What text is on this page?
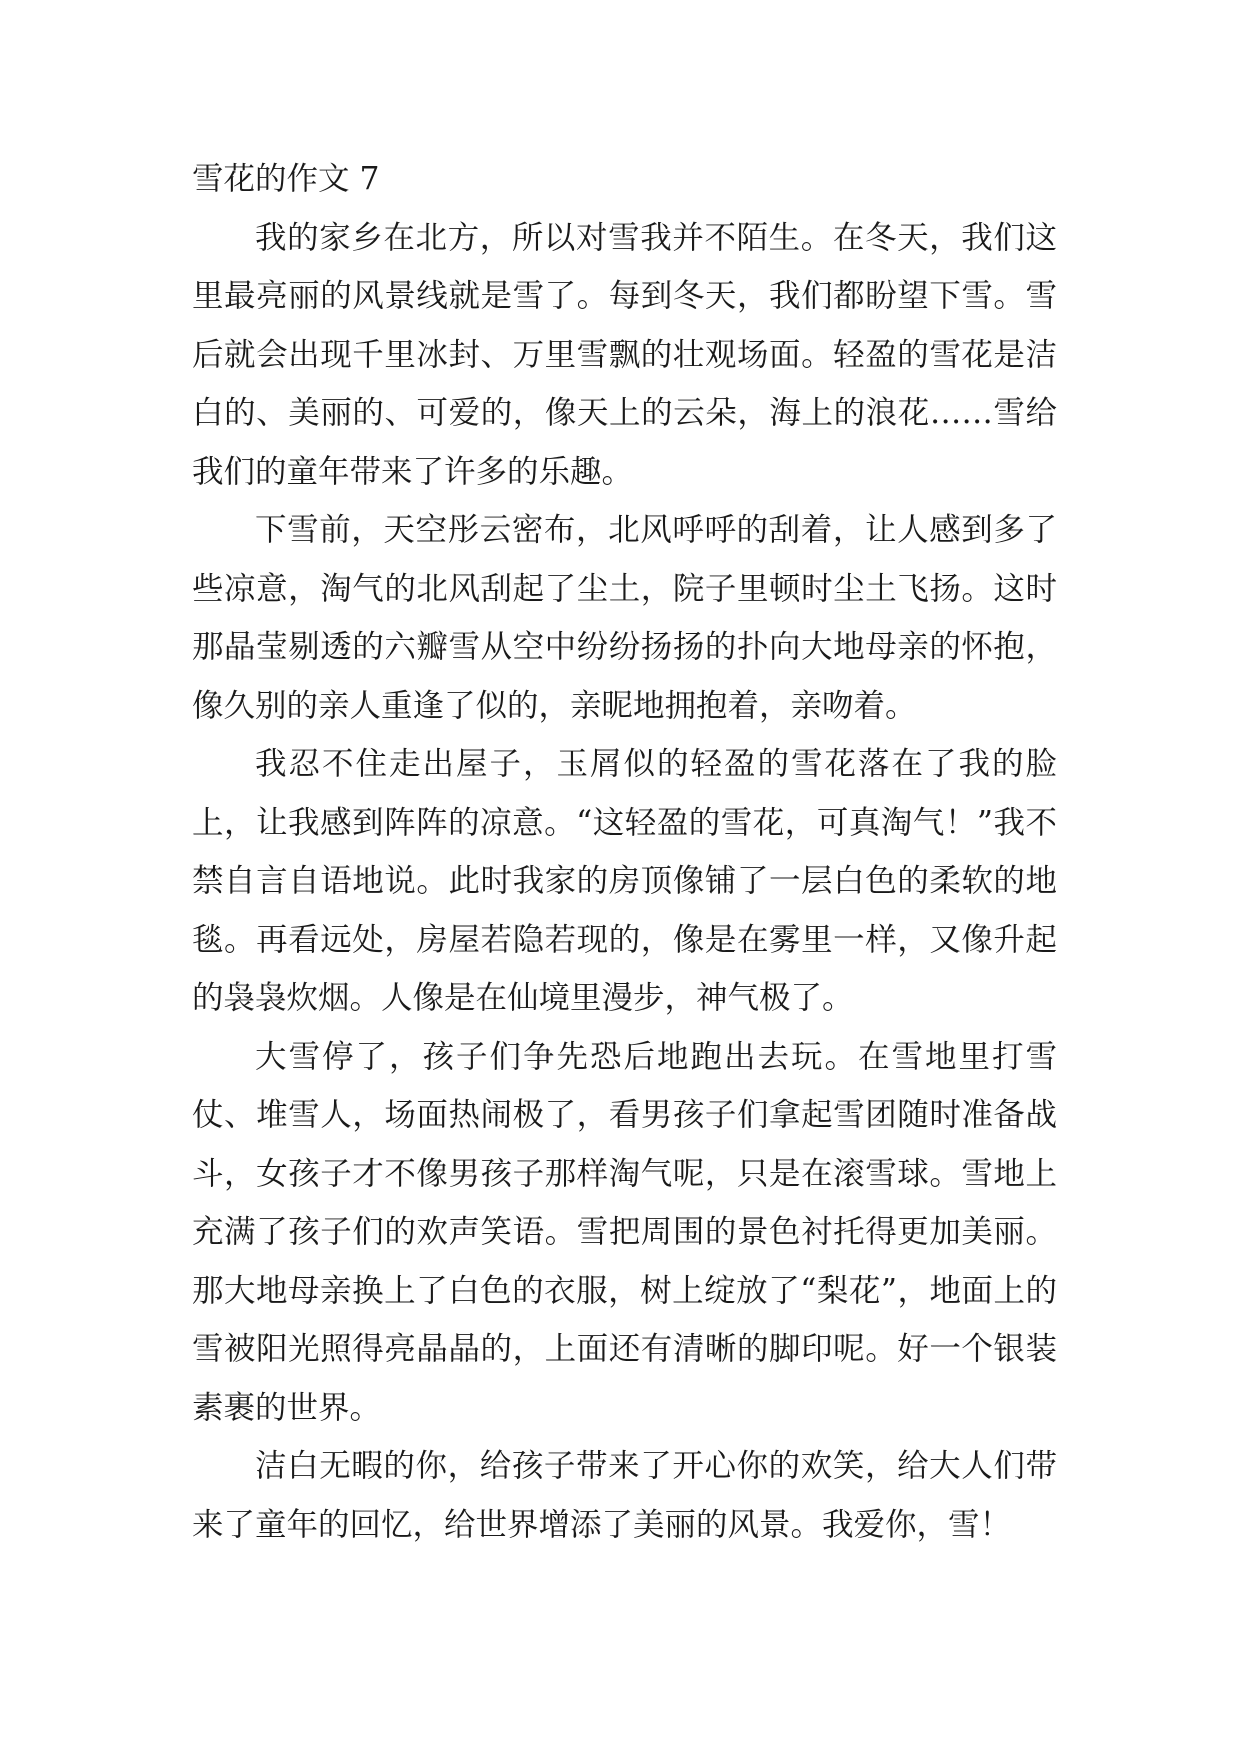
雪花的作文 7

我的家乡在北方，所以对雪我并不陌生。在冬天，我们这里最亮丽的风景线就是雪了。每到冬天，我们都盼望下雪。雪后就会出现千里冰封、万里雪飘的壮观场面。轻盈的雪花是洁白的、美丽的、可爱的，像天上的云朵，海上的浪花……雪给我们的童年带来了许多的乐趣。

下雪前，天空彤云密布，北风呼呼的刮着，让人感到多了些凉意，淘气的北风刮起了尘土，院子里顿时尘土飞扬。这时那晶莹剔透的六瓣雪从空中纷纷扬扬的扑向大地母亲的怀抱，像久别的亲人重逢了似的，亲昵地拥抱着，亲吻着。

我忍不住走出屋子，玉屑似的轻盈的雪花落在了我的脸上，让我感到阵阵的凉意。“这轻盈的雪花，可真淘气！”我不禁自言自语地说。此时我家的房顶像铺了一层白色的柔软的地毯。再看远处，房屋若隐若现的，像是在雾里一样，又像升起的袅袅炊烟。人像是在仙境里漫步，神气极了。

大雪停了，孩子们争先恐后地跑出去玩。在雪地里打雪仗、堆雪人，场面热闹极了，看男孩子们拿起雪团随时准备战斗，女孩子才不像男孩子那样淘气呢，只是在滚雪球。雪地上充满了孩子们的欢声笑语。雪把周围的景色衬托得更加美丽。那大地母亲换上了白色的衣服，树上绽放了“梨花”，地面上的雪被阳光照得亮晶晶的，上面还有清晰的脚印呢。好一个银装素裹的世界。

洁白无暇的你，给孩子带来了开心你的欢笑，给大人们带来了童年的回忆，给世界增添了美丽的风景。我爱你，雪！
